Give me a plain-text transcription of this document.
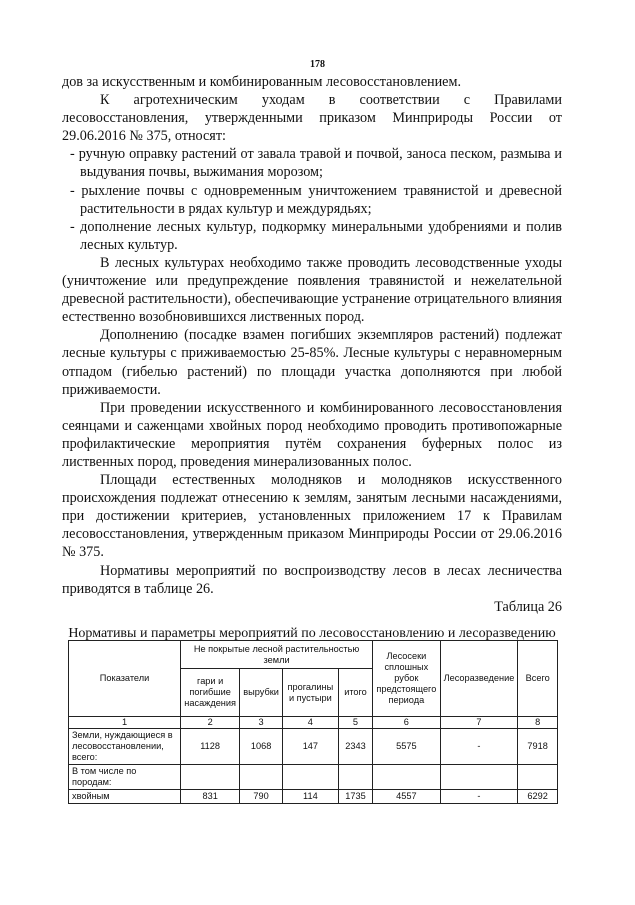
178

дов за искусственным и комбинированным лесовосстановлением.

К агротехническим уходам в соответствии с Правилами лесовосстановления, утвержденными приказом Минприроды России от 29.06.2016 № 375, относят:

- ручную оправку растений от завала травой и почвой, заноса песком, размыва и выдувания почвы, выжимания морозом;

- рыхление почвы с одновременным уничтожением травянистой и древесной растительности в рядах культур и междурядьях;

- дополнение лесных культур, подкормку минеральными удобрениями и полив лесных культур.

В лесных культурах необходимо также проводить лесоводственные уходы (уничтожение или предупреждение появления травянистой и нежелательной древесной растительности), обеспечивающие устранение отрицательного влияния естественно возобновившихся лиственных пород.

Дополнению (посадке взамен погибших экземпляров растений) подлежат лесные культуры с приживаемостью 25-85%. Лесные культуры с неравномерным отпадом (гибелью растений) по площади участка дополняются при любой приживаемости.

При проведении искусственного и комбинированного лесовосстановления сеянцами и саженцами хвойных пород необходимо проводить противопожарные профилактические мероприятия путём сохранения буферных полос из лиственных пород, проведения минерализованных полос.

Площади естественных молодняков и молодняков искусственного происхождения подлежат отнесению к землям, занятым лесными насаждениями, при достижении критериев, установленных приложением 17 к Правилам лесовосстановления, утвержденным приказом Минприроды России от 29.06.2016 № 375.

Нормативы мероприятий по воспроизводству лесов в лесах лесничества приводятся в таблице 26.

Таблица 26

Нормативы и параметры мероприятий по лесовосстановлению и лесоразведению

Показатели	Не покрытые лесной растительностью земли				Лесосеки сплошных рубок предстоящего периода	Лесоразведение	Всего
	гари и погибшие насаждения	вырубки	прогалины и пустыри	итого			
1	2	3	4	5	6	7	8
Земли, нуждающиеся в лесовосстановлении, всего:	1128	1068	147	2343	5575	-	7918
В том числе по породам:							
хвойным	831	790	114	1735	4557	-	6292
